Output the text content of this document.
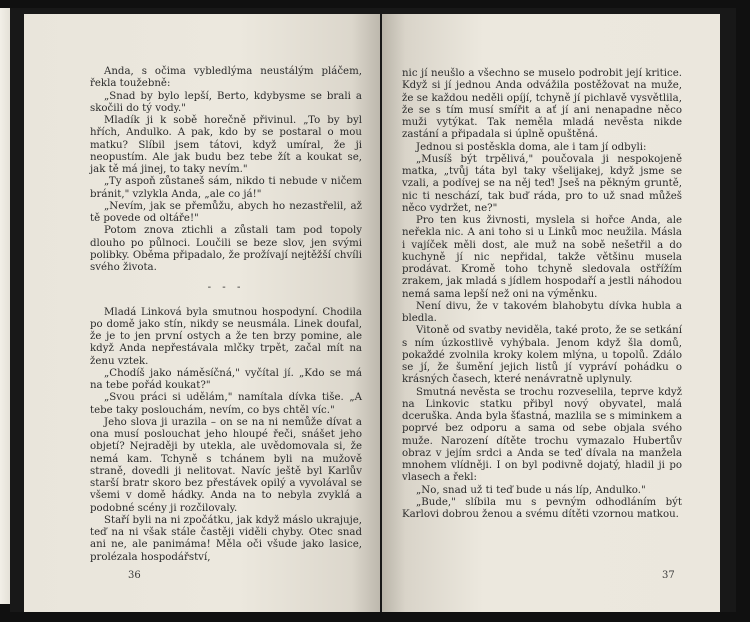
Anda, s očima vybledlýma neustálým pláčem, řekla toužebně:

„Snad by bylo lepší, Berto, kdybysme se brali a skočili do tý vody."

Mladík ji k sobě horečně přivinul. „To by byl hřích, Andulko. A pak, kdo by se postaral o mou matku? Slíbil jsem tátovi, když umíral, že ji neopustím. Ale jak budu bez tebe žít a koukat se, jak tě má jinej, to taky nevím."

„Ty aspoň zůstaneš sám, nikdo ti nebude v ničem bránit," vzlykla Anda, „ale co já!"

„Nevím, jak se přemůžu, abych ho nezastřelil, až tě povede od oltáře!"

Potom znova ztichli a zůstali tam pod topoly dlouho po půlnoci. Loučili se beze slov, jen svými polibky. Oběma připadalo, že prožívají nejtěžší chvíli svého života.

- - -

Mladá Linková byla smutnou hospodyní. Chodila po domě jako stín, nikdy se neusmála. Linek doufal, že je to jen první ostych a že ten brzy pomine, ale když Anda nepřestávala mlčky trpět, začal mít na ženu vztek.

„Chodíš jako náměsíčná," vyčítal jí. „Kdo se má na tebe pořád koukat?"

„Svou práci si udělám," namítala dívka tiše. „A tebe taky poslouchám, nevím, co bys chtěl víc."

Jeho slova ji urazila – on se na ni nemůže dívat a ona musí poslouchat jeho hloupé řeči, snášet jeho objetí? Nejraději by utekla, ale uvědomovala si, že nemá kam. Tchyně s tchánem byli na mužově straně, dovedli ji nelitovat. Navíc ještě byl Karlův starší bratr skoro bez přestávek opilý a vyvolával se všemi v domě hádky. Anda na to nebyla zvyklá a podobné scény ji rozčilovaly.

Staří byli na ni zpočátku, jak když máslo ukrajuje, teď na ni však stále častěji viděli chyby. Otec snad ani ne, ale panimáma! Měla oči všude jako lasice, prolézala hospodářství,

36

nic jí neušlo a všechno se muselo podrobit její kritice. Když si jí jednou Anda odvážila postěžovat na muže, že se každou neděli opíjí, tchyně jí pichlavě vysvětlila, že se s tím musí smířit a ať jí ani nenapadne něco muži vytýkat. Tak neměla mladá nevěsta nikde zastání a připadala si úplně opuštěná.

Jednou si postěskla doma, ale i tam jí odbyli:

„Musíš být trpělivá," poučovala ji nespokojeně matka, „tvůj táta byl taky všelijakej, když jsme se vzali, a podívej se na něj teď! Jseš na pěkným gruntě, nic ti neschází, tak buď ráda, pro to už snad můžeš něco vydržet, ne?"

Pro ten kus živnosti, myslela si hořce Anda, ale neřekla nic. A ani toho si u Linků moc neužila. Másla i vajíček měli dost, ale muž na sobě nešetřil a do kuchyně jí nic nepřidal, takže většinu musela prodávat. Kromě toho tchyně sledovala ostřížím zrakem, jak mladá s jídlem hospodaří a jestli náhodou nemá sama lepší než oni na výměnku.

Není divu, že v takovém blahobytu dívka hubla a bledla.

Vitoně od svatby neviděla, také proto, že se setkání s ním úzkostlivě vyhýbala. Jenom když šla domů, pokaždé zvolnila kroky kolem mlýna, u topolů. Zdálo se jí, že šumění jejich listů jí vypráví pohádku o krásných časech, které nenávratně uplynuly.

Smutná nevěsta se trochu rozveselila, teprve když na Linkovic statku přibyl nový obyvatel, malá dceruška. Anda byla šťastná, mazlila se s miminkem a poprvé bez odporu a sama od sebe objala svého muže. Narození dítěte trochu vymazalo Hubertův obraz v jejím srdci a Anda se teď dívala na manžela mnohem vlídněji. I on byl podivně dojatý, hladil ji po vlasech a řekl:

„No, snad už ti teď bude u nás líp, Andulko."

„Bude," slíbila mu s pevným odhodláním být Karlovi dobrou ženou a svému dítěti vzornou matkou.

37
